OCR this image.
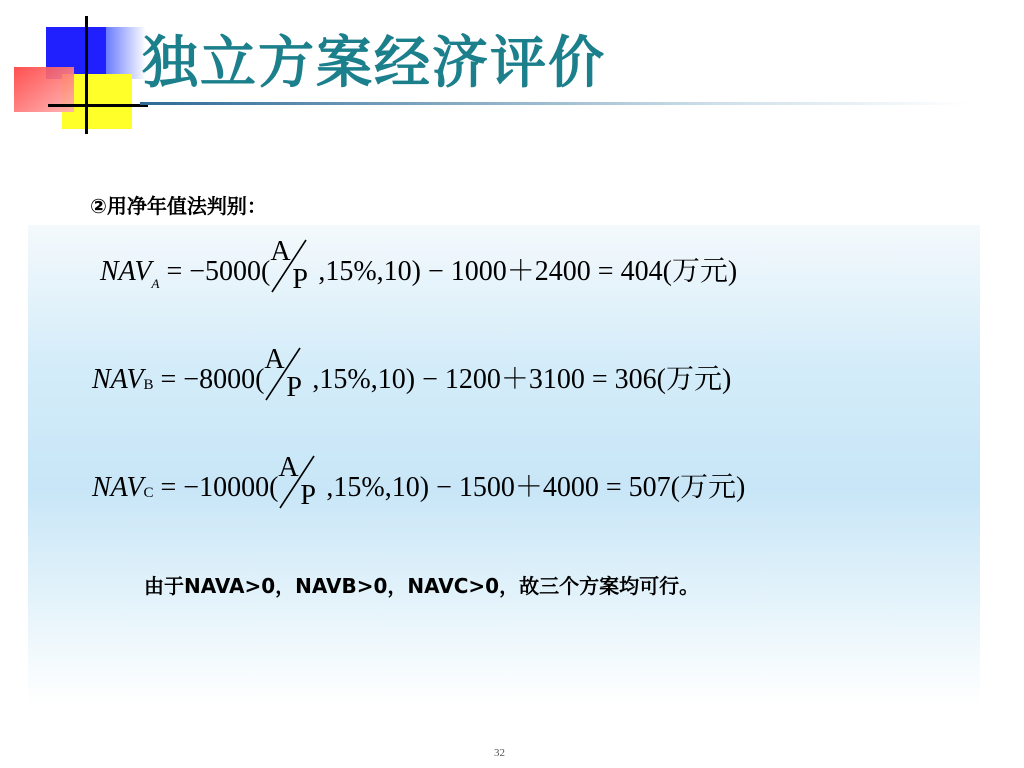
独立方案经济评价
②用净年值法判别：
$NAV_A = -5000$(
A
P ,15%,10) − 1000＋2400 = 404(万元)
NAVB = −8000(
A
P ,15%,10) − 1200＋3100 = 306(万元)
NAVC = −10000(
A
P ,15%,10) − 1500＋4000 = 507(万元)
由于NAVA>0，NAVB>0，NAVC>0，故三个方案均可行。
32
